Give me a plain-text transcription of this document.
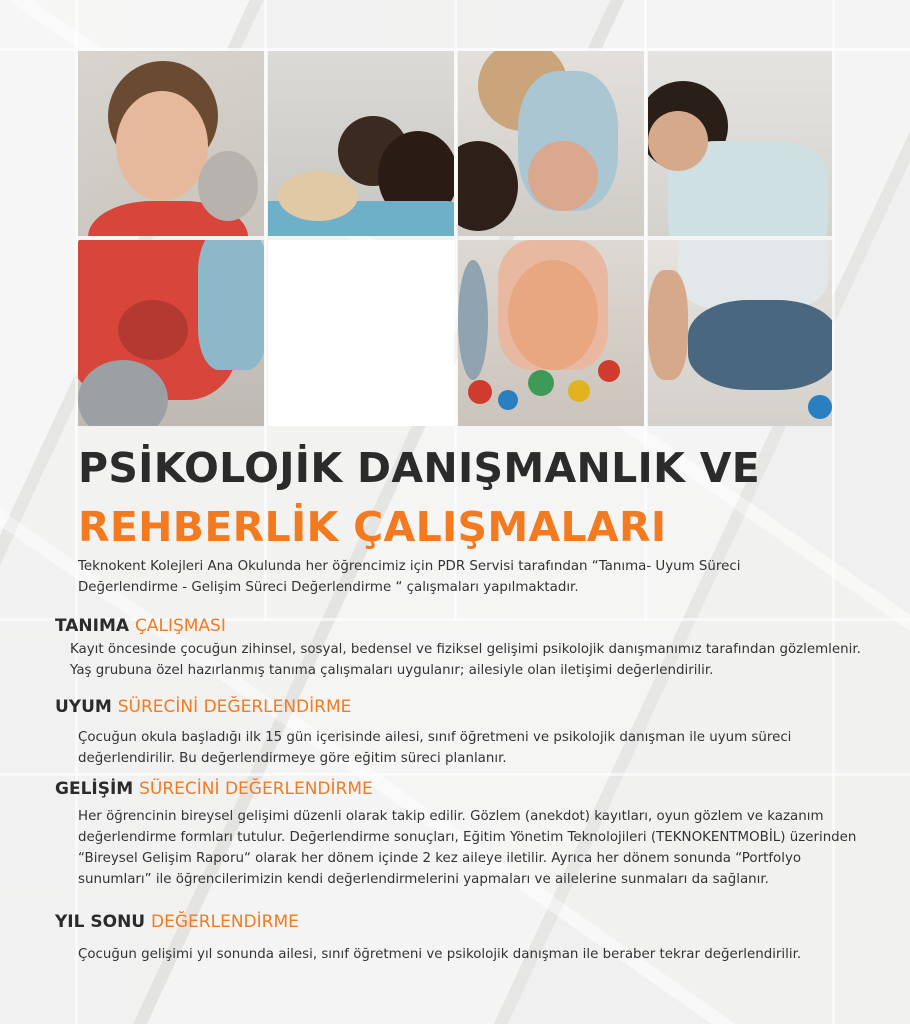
PSİKOLOJİK DANIŞMANLIK VE
REHBERLİK ÇALIŞMALARI

Teknokent Kolejleri Ana Okulunda her öğrencimiz için PDR Servisi tarafından “Tanıma- Uyum Süreci Değerlendirme - Gelişim Süreci Değerlendirme “ çalışmaları yapılmaktadır.

TANIMA ÇALIŞMASI

Kayıt öncesinde çocuğun zihinsel, sosyal, bedensel ve fiziksel gelişimi psikolojik danışmanımız tarafından gözlemlenir. Yaş grubuna özel hazırlanmış tanıma çalışmaları uygulanır; ailesiyle olan iletişimi değerlendirilir.

UYUM SÜRECİNİ DEĞERLENDİRME

Çocuğun okula başladığı ilk 15 gün içerisinde ailesi, sınıf öğretmeni ve psikolojik danışman ile uyum süreci değerlendirilir. Bu değerlendirmeye göre eğitim süreci planlanır.

GELİŞİM SÜRECİNİ DEĞERLENDİRME

Her öğrencinin bireysel gelişimi düzenli olarak takip edilir. Gözlem (anekdot) kayıtları, oyun gözlem ve kazanım değerlendirme formları tutulur. Değerlendirme sonuçları, Eğitim Yönetim Teknolojileri (TEKNOKENTMOBİL) üzerinden “Bireysel Gelişim Raporu“ olarak her dönem içinde 2 kez aileye iletilir. Ayrıca her dönem sonunda “Portfolyo sunumları” ile öğrencilerimizin kendi değerlendirmelerini yapmaları ve ailelerine sunmaları da sağlanır.

YIL SONU DEĞERLENDİRME

Çocuğun gelişimi yıl sonunda ailesi, sınıf öğretmeni ve psikolojik danışman ile beraber tekrar değerlendirilir.
